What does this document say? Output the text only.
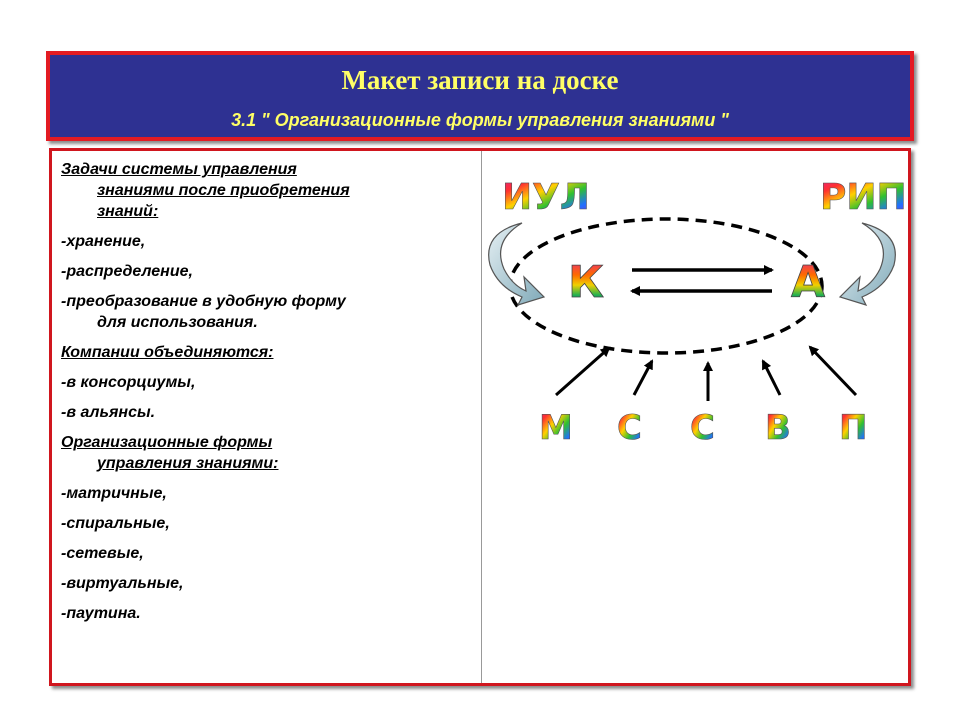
Макет записи на доске
3.1 " Организационные формы управления знаниями "
Задачи системы управления
знаниями после приобретения
знаний:
-хранение,
-распределение,
-преобразование в удобную форму
для использования.
Компании объединяются:
-в консорциумы,
-в альянсы.
Организационные формы
управления знаниями:
-матричные,
-спиральные,
-сетевые,
-виртуальные,
-паутина.
ИУЛ	РИП
К	А
М С С В П
